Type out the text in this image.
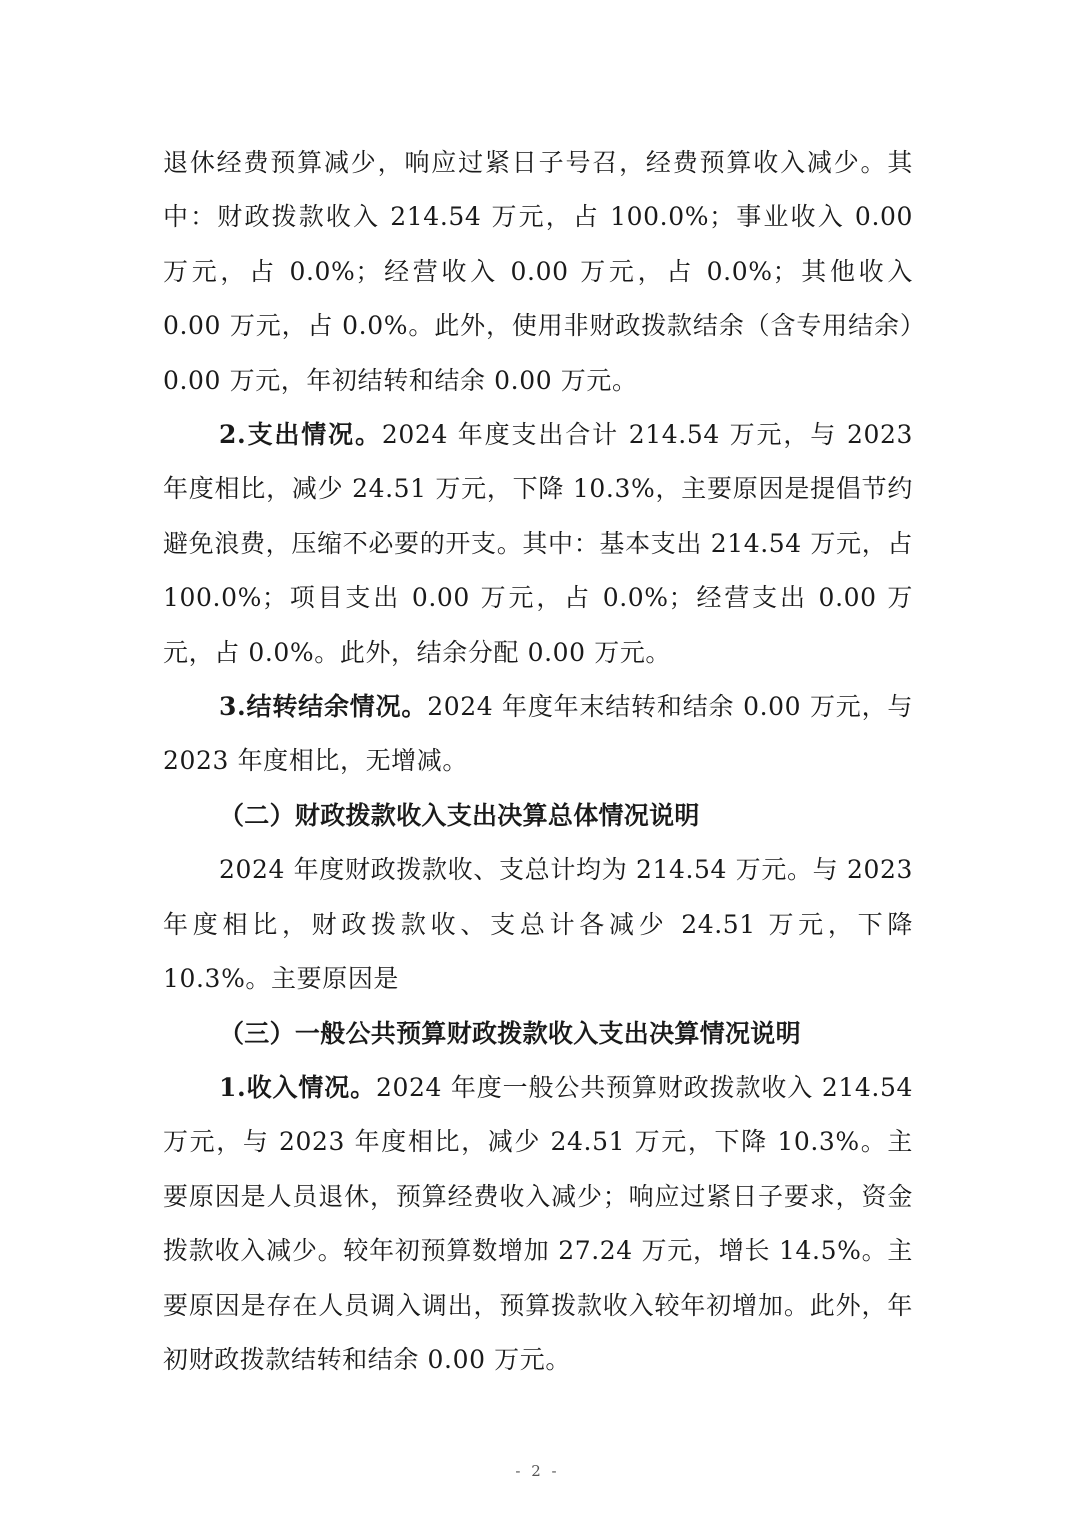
退休经费预算减少，响应过紧日子号召，经费预算收入减少。其中：财政拨款收入 214.54 万元，占 100.0%；事业收入 0.00 万元，占 0.0%；经营收入 0.00 万元，占 0.0%；其他收入 0.00 万元，占 0.0%。此外，使用非财政拨款结余（含专用结余）0.00 万元，年初结转和结余 0.00 万元。

2.支出情况。2024 年度支出合计 214.54 万元，与 2023 年度相比，减少 24.51 万元，下降 10.3%，主要原因是提倡节约避免浪费，压缩不必要的开支。其中：基本支出 214.54 万元，占 100.0%；项目支出 0.00 万元，占 0.0%；经营支出 0.00 万元，占 0.0%。此外，结余分配 0.00 万元。

3.结转结余情况。2024 年度年末结转和结余 0.00 万元，与 2023 年度相比，无增减。

（二）财政拨款收入支出决算总体情况说明

2024 年度财政拨款收、支总计均为 214.54 万元。与 2023 年度相比，财政拨款收、支总计各减少 24.51 万元，下降 10.3%。主要原因是

（三）一般公共预算财政拨款收入支出决算情况说明

1.收入情况。2024 年度一般公共预算财政拨款收入 214.54 万元，与 2023 年度相比，减少 24.51 万元，下降 10.3%。主要原因是人员退休，预算经费收入减少；响应过紧日子要求，资金拨款收入减少。较年初预算数增加 27.24 万元，增长 14.5%。主要原因是存在人员调入调出，预算拨款收入较年初增加。此外，年初财政拨款结转和结余 0.00 万元。

- 2 -
